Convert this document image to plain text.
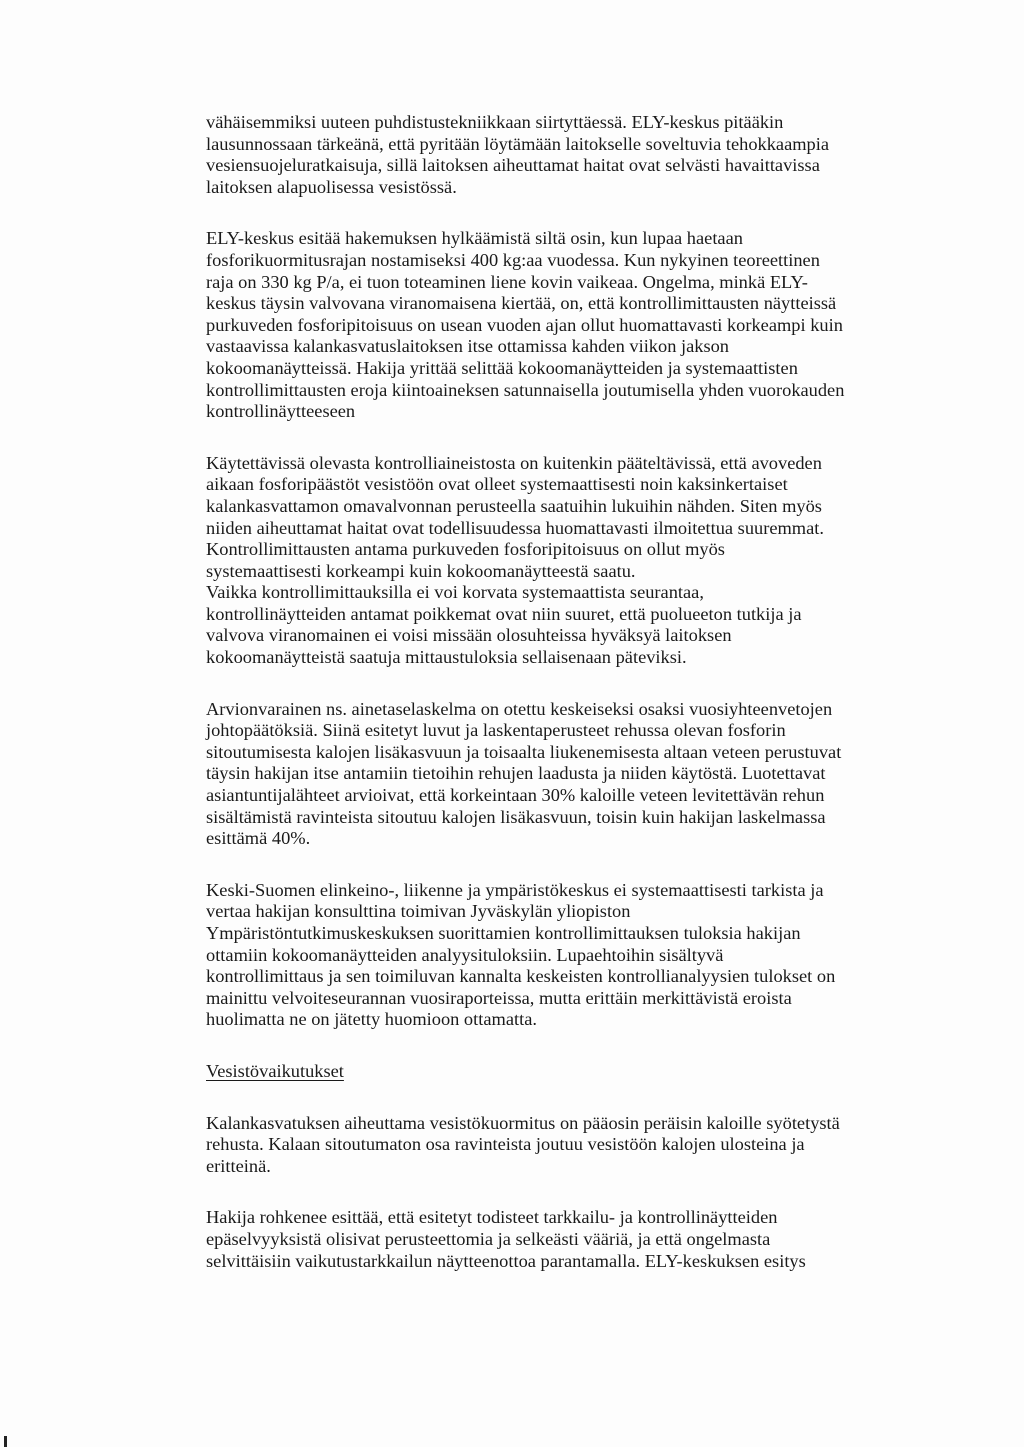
vähäisemmiksi uuteen puhdistustekniikkaan siirtyttäessä. ELY-keskus pitääkin
lausunnossaan tärkeänä, että pyritään löytämään laitokselle soveltuvia tehokkaampia
vesiensuojeluratkaisuja, sillä laitoksen aiheuttamat haitat ovat selvästi havaittavissa
laitoksen alapuolisessa vesistössä.

ELY-keskus esitää hakemuksen hylkäämistä siltä osin, kun lupaa haetaan
fosforikuormitusrajan nostamiseksi 400 kg:aa vuodessa. Kun nykyinen teoreettinen
raja on 330 kg P/a, ei tuon toteaminen liene kovin vaikeaa. Ongelma, minkä ELY-
keskus täysin valvovana viranomaisena kiertää, on, että kontrollimittausten näytteissä
purkuveden fosforipitoisuus on usean vuoden ajan ollut huomattavasti korkeampi kuin
vastaavissa kalankasvatuslaitoksen itse ottamissa kahden viikon jakson
kokoomanäytteissä. Hakija yrittää selittää kokoomanäytteiden ja systemaattisten
kontrollimittausten eroja kiintoaineksen satunnaisella joutumisella yhden vuorokauden
kontrollinäytteeseen

Käytettävissä olevasta kontrolliaineistosta on kuitenkin pääteltävissä, että avoveden
aikaan fosforipäästöt vesistöön ovat olleet systemaattisesti noin kaksinkertaiset
kalankasvattamon omavalvonnan perusteella saatuihin lukuihin nähden. Siten myös
niiden aiheuttamat haitat ovat todellisuudessa huomattavasti ilmoitettua suuremmat.
Kontrollimittausten antama purkuveden fosforipitoisuus on ollut myös
systemaattisesti korkeampi kuin kokoomanäytteestä saatu.
Vaikka kontrollimittauksilla ei voi korvata systemaattista seurantaa,
kontrollinäytteiden antamat poikkemat ovat niin suuret, että puolueeton tutkija ja
valvova viranomainen ei voisi missään olosuhteissa hyväksyä laitoksen
kokoomanäytteistä saatuja mittaustuloksia sellaisenaan päteviksi.

Arvionvarainen ns. ainetaselaskelma on otettu keskeiseksi osaksi vuosiyhteenvetojen
johtopäätöksiä. Siinä esitetyt luvut ja laskentaperusteet rehussa olevan fosforin
sitoutumisesta kalojen lisäkasvuun ja toisaalta liukenemisesta altaan veteen perustuvat
täysin hakijan itse antamiin tietoihin rehujen laadusta ja niiden käytöstä. Luotettavat
asiantuntijalähteet arvioivat, että korkeintaan 30% kaloille veteen levitettävän rehun
sisältämistä ravinteista sitoutuu kalojen lisäkasvuun, toisin kuin hakijan laskelmassa
esittämä 40%.

Keski-Suomen elinkeino-, liikenne ja ympäristökeskus ei systemaattisesti tarkista ja
vertaa hakijan konsulttina toimivan Jyväskylän yliopiston
Ympäristöntutkimuskeskuksen suorittamien kontrollimittauksen tuloksia hakijan
ottamiin kokoomanäytteiden analyysituloksiin. Lupaehtoihin sisältyvä
kontrollimittaus ja sen toimiluvan kannalta keskeisten kontrollianalyysien tulokset on
mainittu velvoiteseurannan vuosiraporteissa, mutta erittäin merkittävistä eroista
huolimatta ne on jätetty huomioon ottamatta.

Vesistövaikutukset

Kalankasvatuksen aiheuttama vesistökuormitus on pääosin peräisin kaloille syötetystä
rehusta. Kalaan sitoutumaton osa ravinteista joutuu vesistöön kalojen ulosteina ja
eritteinä.

Hakija rohkenee esittää, että esitetyt todisteet tarkkailu- ja kontrollinäytteiden
epäselvyyksistä olisivat perusteettomia ja selkeästi vääriä, ja että ongelmasta
selvittäisiin vaikutustarkkailun näytteenottoa parantamalla. ELY-keskuksen esitys
